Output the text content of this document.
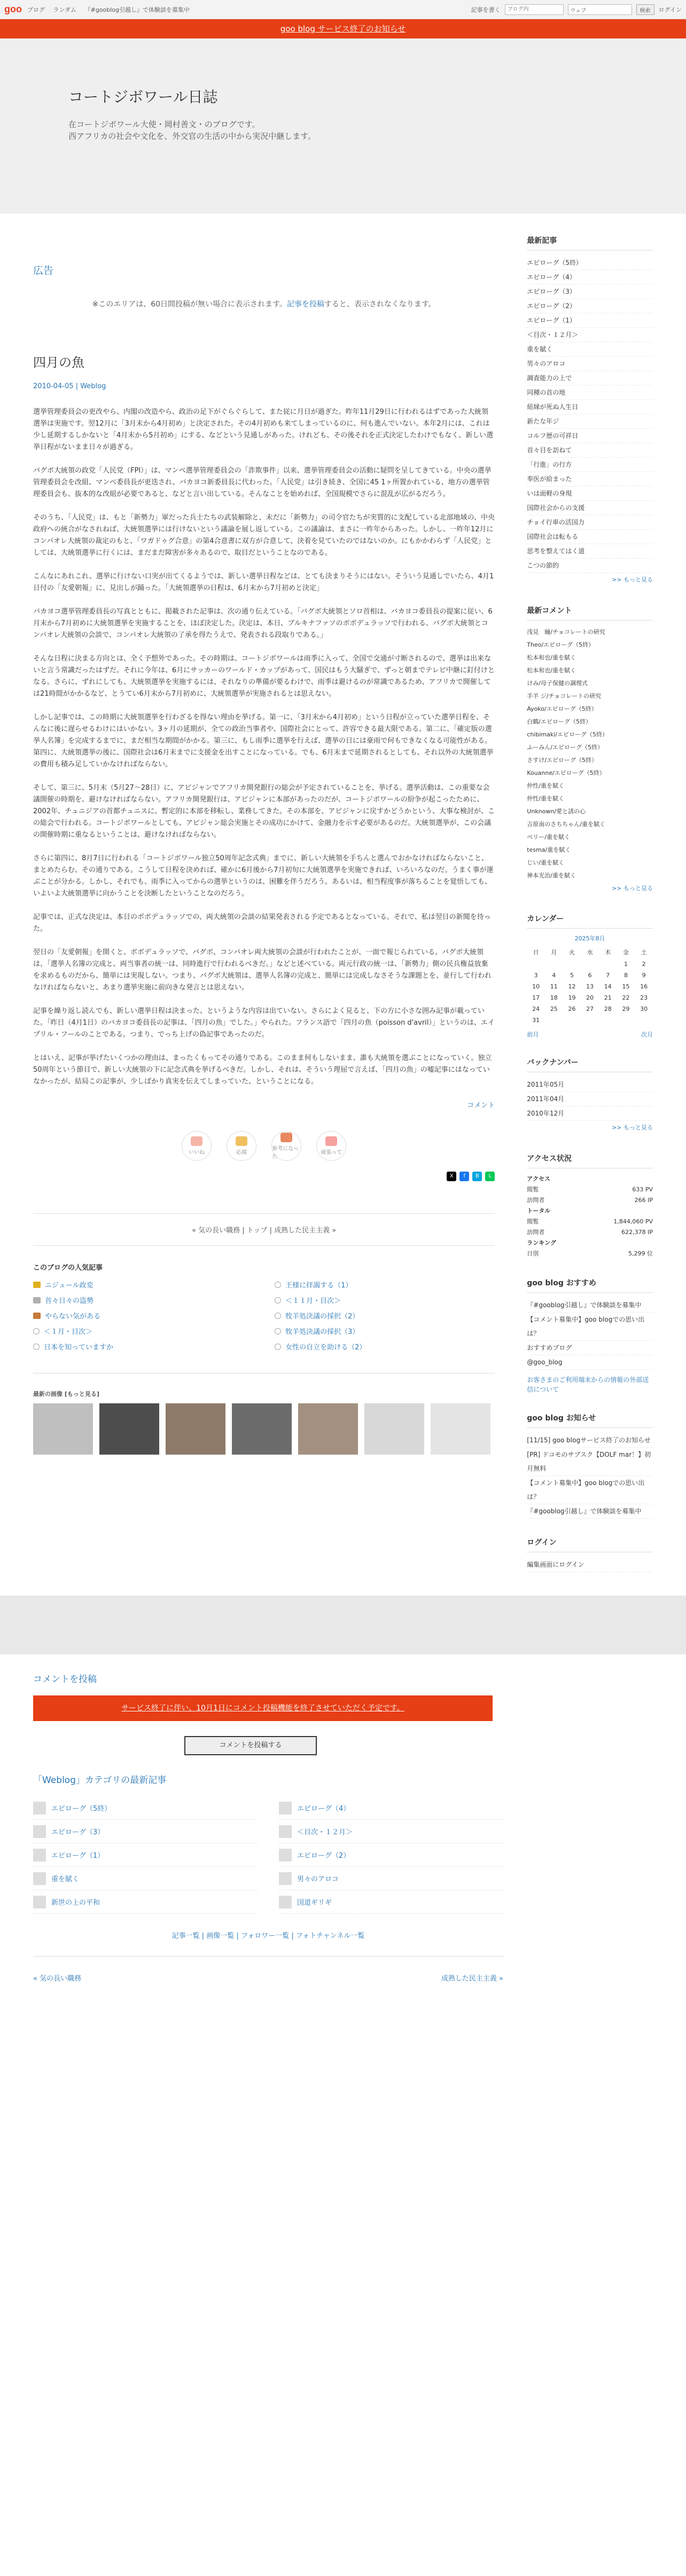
goo ブログ ランダム 『#gooblog引越し』で体験談を募集中	記事を書く
ブログ内	ウェブ	検索	ログイン
goo blog サービス終了のお知らせ
コートジボワール日誌

在コートジボワール大使・岡村善文・のブログです。

西アフリカの社会や文化を、外交官の生活の中から実況中継します。

広告

※このエリアは、60日間投稿が無い場合に表示されます。記事を投稿すると、表示されなくなります。

四月の魚
2010-04-05 | Weblog

選挙管理委員会の更改やら、内閣の改造やら、政治の足下がぐらぐらして、また従に月日が過ぎた。昨年11月29日に行われるはずであった大統領選挙は実施です。翌12月に「3月末から4月初め」と決定された。その4月初めも来てしまっているのに、何も進んでいない。本年2月には、これは少し延期するしかないと「4月末から5月初め」にする、などという見通しがあった。けれども、その後それを正式決定したわけでもなく、新しい選挙日程がないまま日々が過ぎる。

バグボ大統領の政党「人民党（FPI）」は、マンベ選挙管理委員会の「詐欺事件」以来、選挙管理委員会の活動に疑問を呈してきている。中央の選挙管理委員会を改組、マンベ委員長が更迭され、バカヨコ新委員長に代わった。「人民党」は引き続き、全国に45 1ヶ所置かれている、地方の選挙管理委員会も、抜本的な改組が必要であると、などと言い出している。そんなことを始めれば、全国規模でさらに混乱が広がるだろう。

そのうち、「人民党」は、もと「新勢力」軍だった兵士たちの武装解除と、未だに「新勢力」の司令官たちが実質的に支配している北部地域の、中央政府への統合がなされねば、大統領選挙には行けないという議論を展し返している。この議論は、まさに一昨年からあった。しかし、一昨年12月にコンパオレ大統領の裁定のもと、「ワガドゥグ合意」の第4合意書に双方が合意して、決着を見ていたのではないのか。にもかかわらず「人民党」としては、大統領選挙に行くには、まだまだ障害が多々あるので、取目だということなのである。

こんなにあれこれ、選挙に行けない口実が出てくるようでは、新しい選挙日程などは、とても決まりそうにはない。そういう見通しでいたら、4月1日付の「友愛朝報」に、見出しが踊った。「大統領選挙の日程は、6月末から7月初めと決定」

バカヨコ選挙管理委員長の写真とともに、掲載された記事は、次の通り伝えている。「バグボ大統領とソロ首相は、バカヨコ委員長の提案に従い、6月末から7月初めに大統領選挙を実施することを、ほぼ決定した。決定は、本日、ブルキナファソのボボデュラッソで行われる、バグボ大統領とコンパオレ大統領の会談で、コンパオレ大統領の了承を得たうえで、発表される段取りである。」

そんな日程に決まる方向とは、全く予想外であった。その時期は、コートジボワールは雨季に入って、全国で交通が寸断されるので、選挙は出来ないと言う常識だったはずだ。それに今年は、6月にサッカーのワールド・カップがあって、国民はもう大騒ぎで、ずっと朝までテレビ中継に釘付けとなる。さらに、ずれにしても、大統領選挙を実施するには、それなりの準備が要るわけで、雨季は避けるのが常識であるため、アフリカで開催しては21時間がかかるなど、とうてい6月末から7月初めに、大統領選挙が実施されるとは思えない。

しかし記事では、この時期に大統領選挙を行わざるを得ない理由を挙げる。第一に、「3月末から4月初め」という日程が立っていた選挙日程を、そんなに後に遅らせるわけにはいかない。3ヶ月の延期が、全ての政治当事者や、国際社会にとって、許容できる最大限である。第二に、「確定版の選挙人名簿」を完成するまでに、まだ相当な期間がかかる。第三に、もし雨季に選挙を行えば、選挙の日には豪雨で何もできなくなる可能性がある。第四に、大統領選挙の後に、国際社会は6月末までに支援金を出すことになっている。でも、6月末まで延期されるとしても、それ以外の大統領選挙の費用も積み足していかなければならない。

そして、第三に、5月末（5月27〜28日）に、アビジャンでアフリカ開発銀行の総会が予定されていることを、挙げる。選挙活動は、この重要な会議開催の時期を、避けなければならない。アフリカ開発銀行は、アビジャンに本部があったのだが、コートジボワールの紛争が起こったために、2002年、チュニジアの首都チュニスに、暫定的に本部を移転し、業務してきた。その本部を、アビジャンに戻すかどうかという、大事な検討が、この総会で行われる。コートジボワールとしても、アビジャン総会実施とその成功にかけて、金融力を示す必要があるのだ。大統領選挙が、この会議の開催時期に重なるということは、避けなければならない。

さらに第四に、8月7日に行われる「コートジボワール独立50周年記念式典」までに、新しい大統領を手ちんと選んでおかなければならないこと、まとめたらむ、その通りである。こうして日程を決めれば、確かに6月後から7月初旬に大統領選挙を実施できれば、いろいろなのだ。うまく事が運ぶことが分かる。しかし、それでも、雨季に入ってからの選挙というのは、困難を伴うだろう。あるいは、相当程度事が落ちることを覚悟しても、いよいよ大統領選挙に向かうことを決断したということなのだろう。

記事では、正式な決定は、本日のボボデュラッソでの、両大統領の会談の結果発表される予定であるとなっている。それで、私は翌日の新聞を待った。

翌日の「友愛朝報」を開くと、ボボデュラッソで、バグボ、コンパオレ両大統領の会談が行われたことが、一面で報じられている。バグボ大統領は、「選挙人名簿の完成と、両当事者の統一は、同時進行で行われるべきだ。」などと述べている。両元行政の統一は、「新勢力」側の民兵権益放棄を求めるものだから、簡単には実現しない。つまり、バグボ大統領は、選挙人名簿の完成と、簡単には完成しなさそうな課題とを、並行して行われなければならないと、あまり選挙実施に前向きな発言とは思えない。

記事を繰り返し読んでも、新しい選挙日程は決まった、というような内容は出ていない。さらによく見ると、下の方に小さな囲み記事が載っていた。「昨日（4月1日）のバカヨコ委員長の記事は、「四月の魚」でした。」やられた。フランス語で「四月の魚（poisson d'avril）」というのは、エイプリル・フールのことである。つまり、でっち上げの偽記事であったのだ。

とはいえ、記事が挙げたいくつかの理由は、まったくもってその通りである。このまま何もしないまま、誰も大統領を選ぶことになっていく。独立50周年という節目で、新しい大統領の下に記念式典を挙げるべきだ。しかし、それは、そういう理屈で言えば、「四月の魚」の嘘記事にはなっていなかったが、結局この記事が、少しばかり真実を伝えてしまっていた、ということになる。

コメント
いいね	応援
参考になった
頑張って
X	f	B	L
« 気の長い職務 | トップ | 成熟した民主主義 »
このブログの人気記事
ニジュール政変	王様に拝謁する（1）
首々日々の盗勢	＜１１月・目次＞
やらない気がある	牧羊処決議の採択（2）
＜１月・目次＞	牧羊処決議の採択（3）
日本を知っていますか	女性の自立を助ける（2）
最新の画像 [もっと見る]
最新記事
エピローグ（5終）
エピローグ（4）
エピローグ（3）
エピローグ（2）
エピローグ（1）
＜目次・１２月＞
重を賦く
男々のアロコ
調査能力の上で
同種の首の地
紐縁が死ぬ人生日
新たな年ジ
コルフ歴の可祥日
首々目を訪ねて
「行進」の行方
奉医が給まった
いは面軽の身現
国際社会からの支援
チョイ行車の活国力
国際社会は転もる
思考を整えてはく道
こつの節的

>> もっと見る

最新コメント
浅見　瞳/チョコレートの研究
Theo/エピローグ（5終）
松本和也/重を賦く
松本和也/重を賦く
けみ/母子保健の調理式
手羊 ジ/チョコレートの研究
Ayoko/エピローグ（5終）
白鶴/エピローグ（5終）
chibimaki/エピローグ（5終）
ふーみん/エピローグ（5終）
さすけ/エピローグ（5終）
Kouanne/エピローグ（5終）
仲性/重を賦く
仲性/重を賦く
Unknown/愛と誘の心
吉原南のさちちゃん/重を賦く
ベリー/重を賦く
tesma/重を賦く
じい/重を賦く
神本光治/重を賦く

>> もっと見る

カレンダー
2025年8月
日	月	火	水	木	金	土
					1	2
3	4	5	6	7	8	9
10	11	12	13	14	15	16
17	18	19	20	21	22	23
24	25	26	27	28	29	30
31						
前月	次月
バックナンバー
2011年05月
2011年04月
2010年12月

>> もっと見る

アクセス状況
アクセス
閲覧	633 PV
訪問者	266 IP
トータル
閲覧	1,844,060 PV
訪問者	622,378 IP
ランキング
日別	5,299 位
goo blog おすすめ
『#gooblog引越し』で体験談を募集中
【コメント募集中】goo blogでの思い出は？
おすすめブログ
@goo_blog

お客さまのご利用端末からの情報の外部送信について

goo blog お知らせ
[11/15] goo blogサービス終了のお知らせ
[PR] ドコモのサブスク【DOLF mar！】初月無料
【コメント募集中】goo blogでの思い出は？
『#gooblog引越し』で体験談を募集中
ログイン
編集画面にログイン
コメントを投稿
サービス終了に伴い、10月1日にコメント投稿機能を終了させていただく予定です。
コメントを投稿する
「Weblog」カテゴリの最新記事
エピローグ（5終）	エピローグ（4）
エピローグ（3）	＜目次・１２月＞
エピローグ（1）	エピローグ（2）
重を賦く	男々のアロコ
新世の上の平和	国道ギリギ
記事一覧 | 画像一覧 | フォロワー一覧 | フォトチャンネル一覧
« 気の長い職務	成熟した民主主義 »
